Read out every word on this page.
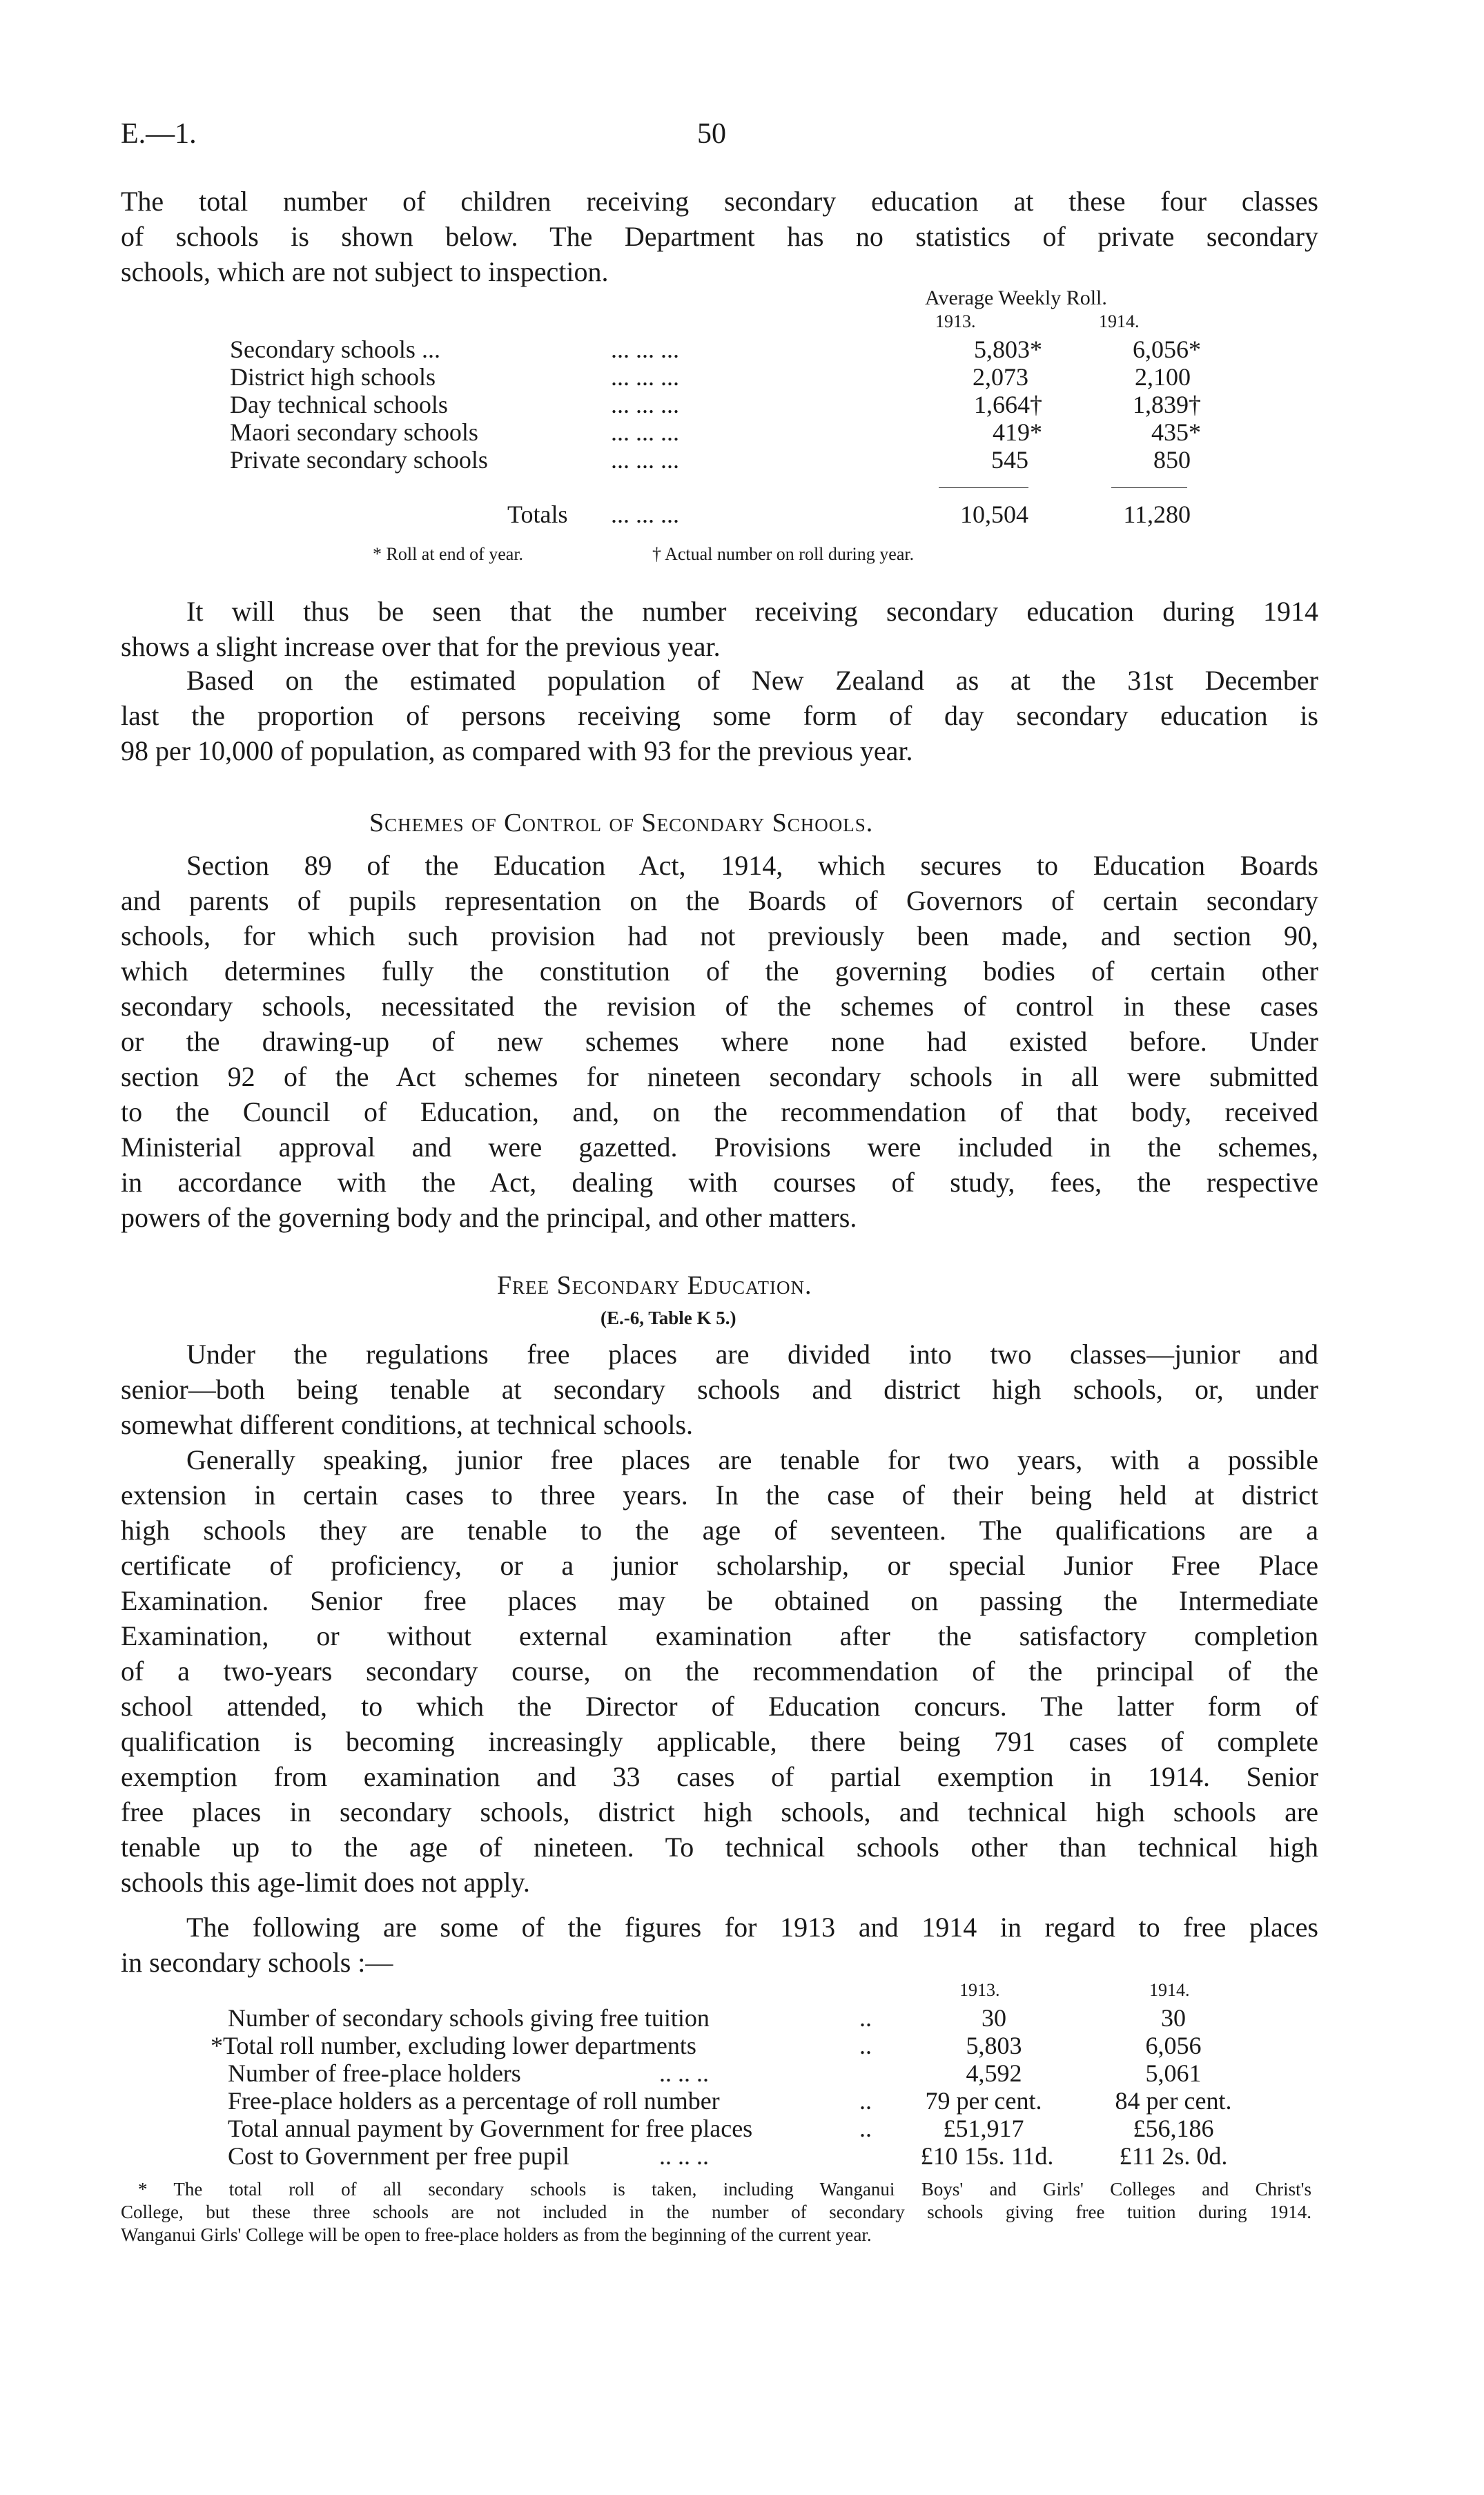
E.—1.	50
The total number of children receiving secondary education at these four classes
of schools is shown below. The Department has no statistics of private secondary
schools, which are not subject to inspection.
Average Weekly Roll.
1913.	1914.
Secondary schools ...	... ... ...	5,803*	6,056*
District high schools	... ... ...	2,073	2,100
Day technical schools	... ... ...	1,664†	1,839†
Maori secondary schools	... ... ...	419*	435*
Private secondary schools	... ... ...	545	850
Totals ... ... ...	10,504	11,280
* Roll at end of year.	† Actual number on roll during year.
It will thus be seen that the number receiving secondary education during 1914
shows a slight increase over that for the previous year.
Based on the estimated population of New Zealand as at the 31st December
last the proportion of persons receiving some form of day secondary education is
98 per 10,000 of population, as compared with 93 for the previous year.
Schemes of Control of Secondary Schools.
Section 89 of the Education Act, 1914, which secures to Education Boards
and parents of pupils representation on the Boards of Governors of certain secondary
schools, for which such provision had not previously been made, and section 90,
which determines fully the constitution of the governing bodies of certain other
secondary schools, necessitated the revision of the schemes of control in these cases
or the drawing-up of new schemes where none had existed before. Under
section 92 of the Act schemes for nineteen secondary schools in all were submitted
to the Council of Education, and, on the recommendation of that body, received
Ministerial approval and were gazetted. Provisions were included in the schemes,
in accordance with the Act, dealing with courses of study, fees, the respective
powers of the governing body and the principal, and other matters.
Free Secondary Education.
(E.-6, Table K 5.)
Under the regulations free places are divided into two classes—junior and
senior—both being tenable at secondary schools and district high schools, or, under
somewhat different conditions, at technical schools.
Generally speaking, junior free places are tenable for two years, with a possible
extension in certain cases to three years. In the case of their being held at district
high schools they are tenable to the age of seventeen. The qualifications are a
certificate of proficiency, or a junior scholarship, or special Junior Free Place
Examination. Senior free places may be obtained on passing the Intermediate
Examination, or without external examination after the satisfactory completion
of a two-years secondary course, on the recommendation of the principal of the
school attended, to which the Director of Education concurs. The latter form of
qualification is becoming increasingly applicable, there being 791 cases of complete
exemption from examination and 33 cases of partial exemption in 1914. Senior
free places in secondary schools, district high schools, and technical high schools are
tenable up to the age of nineteen. To technical schools other than technical high
schools this age-limit does not apply.
The following are some of the figures for 1913 and 1914 in regard to free places
in secondary schools :—
1913.	1914.
Number of secondary schools giving free tuition	..	30	30
*Total roll number, excluding lower departments	..	5,803	6,056
Number of free-place holders	.. .. ..	4,592	5,061
Free-place holders as a percentage of roll number	..	79 per cent.	84 per cent.
Total annual payment by Government for free places	..	£51,917	£56,186
Cost to Government per free pupil	.. .. ..	£10 15s. 11d.	£11 2s. 0d.
* The total roll of all secondary schools is taken, including Wanganui Boys' and Girls' Colleges and Christ's
College, but these three schools are not included in the number of secondary schools giving free tuition during 1914.
Wanganui Girls' College will be open to free-place holders as from the beginning of the current year.
